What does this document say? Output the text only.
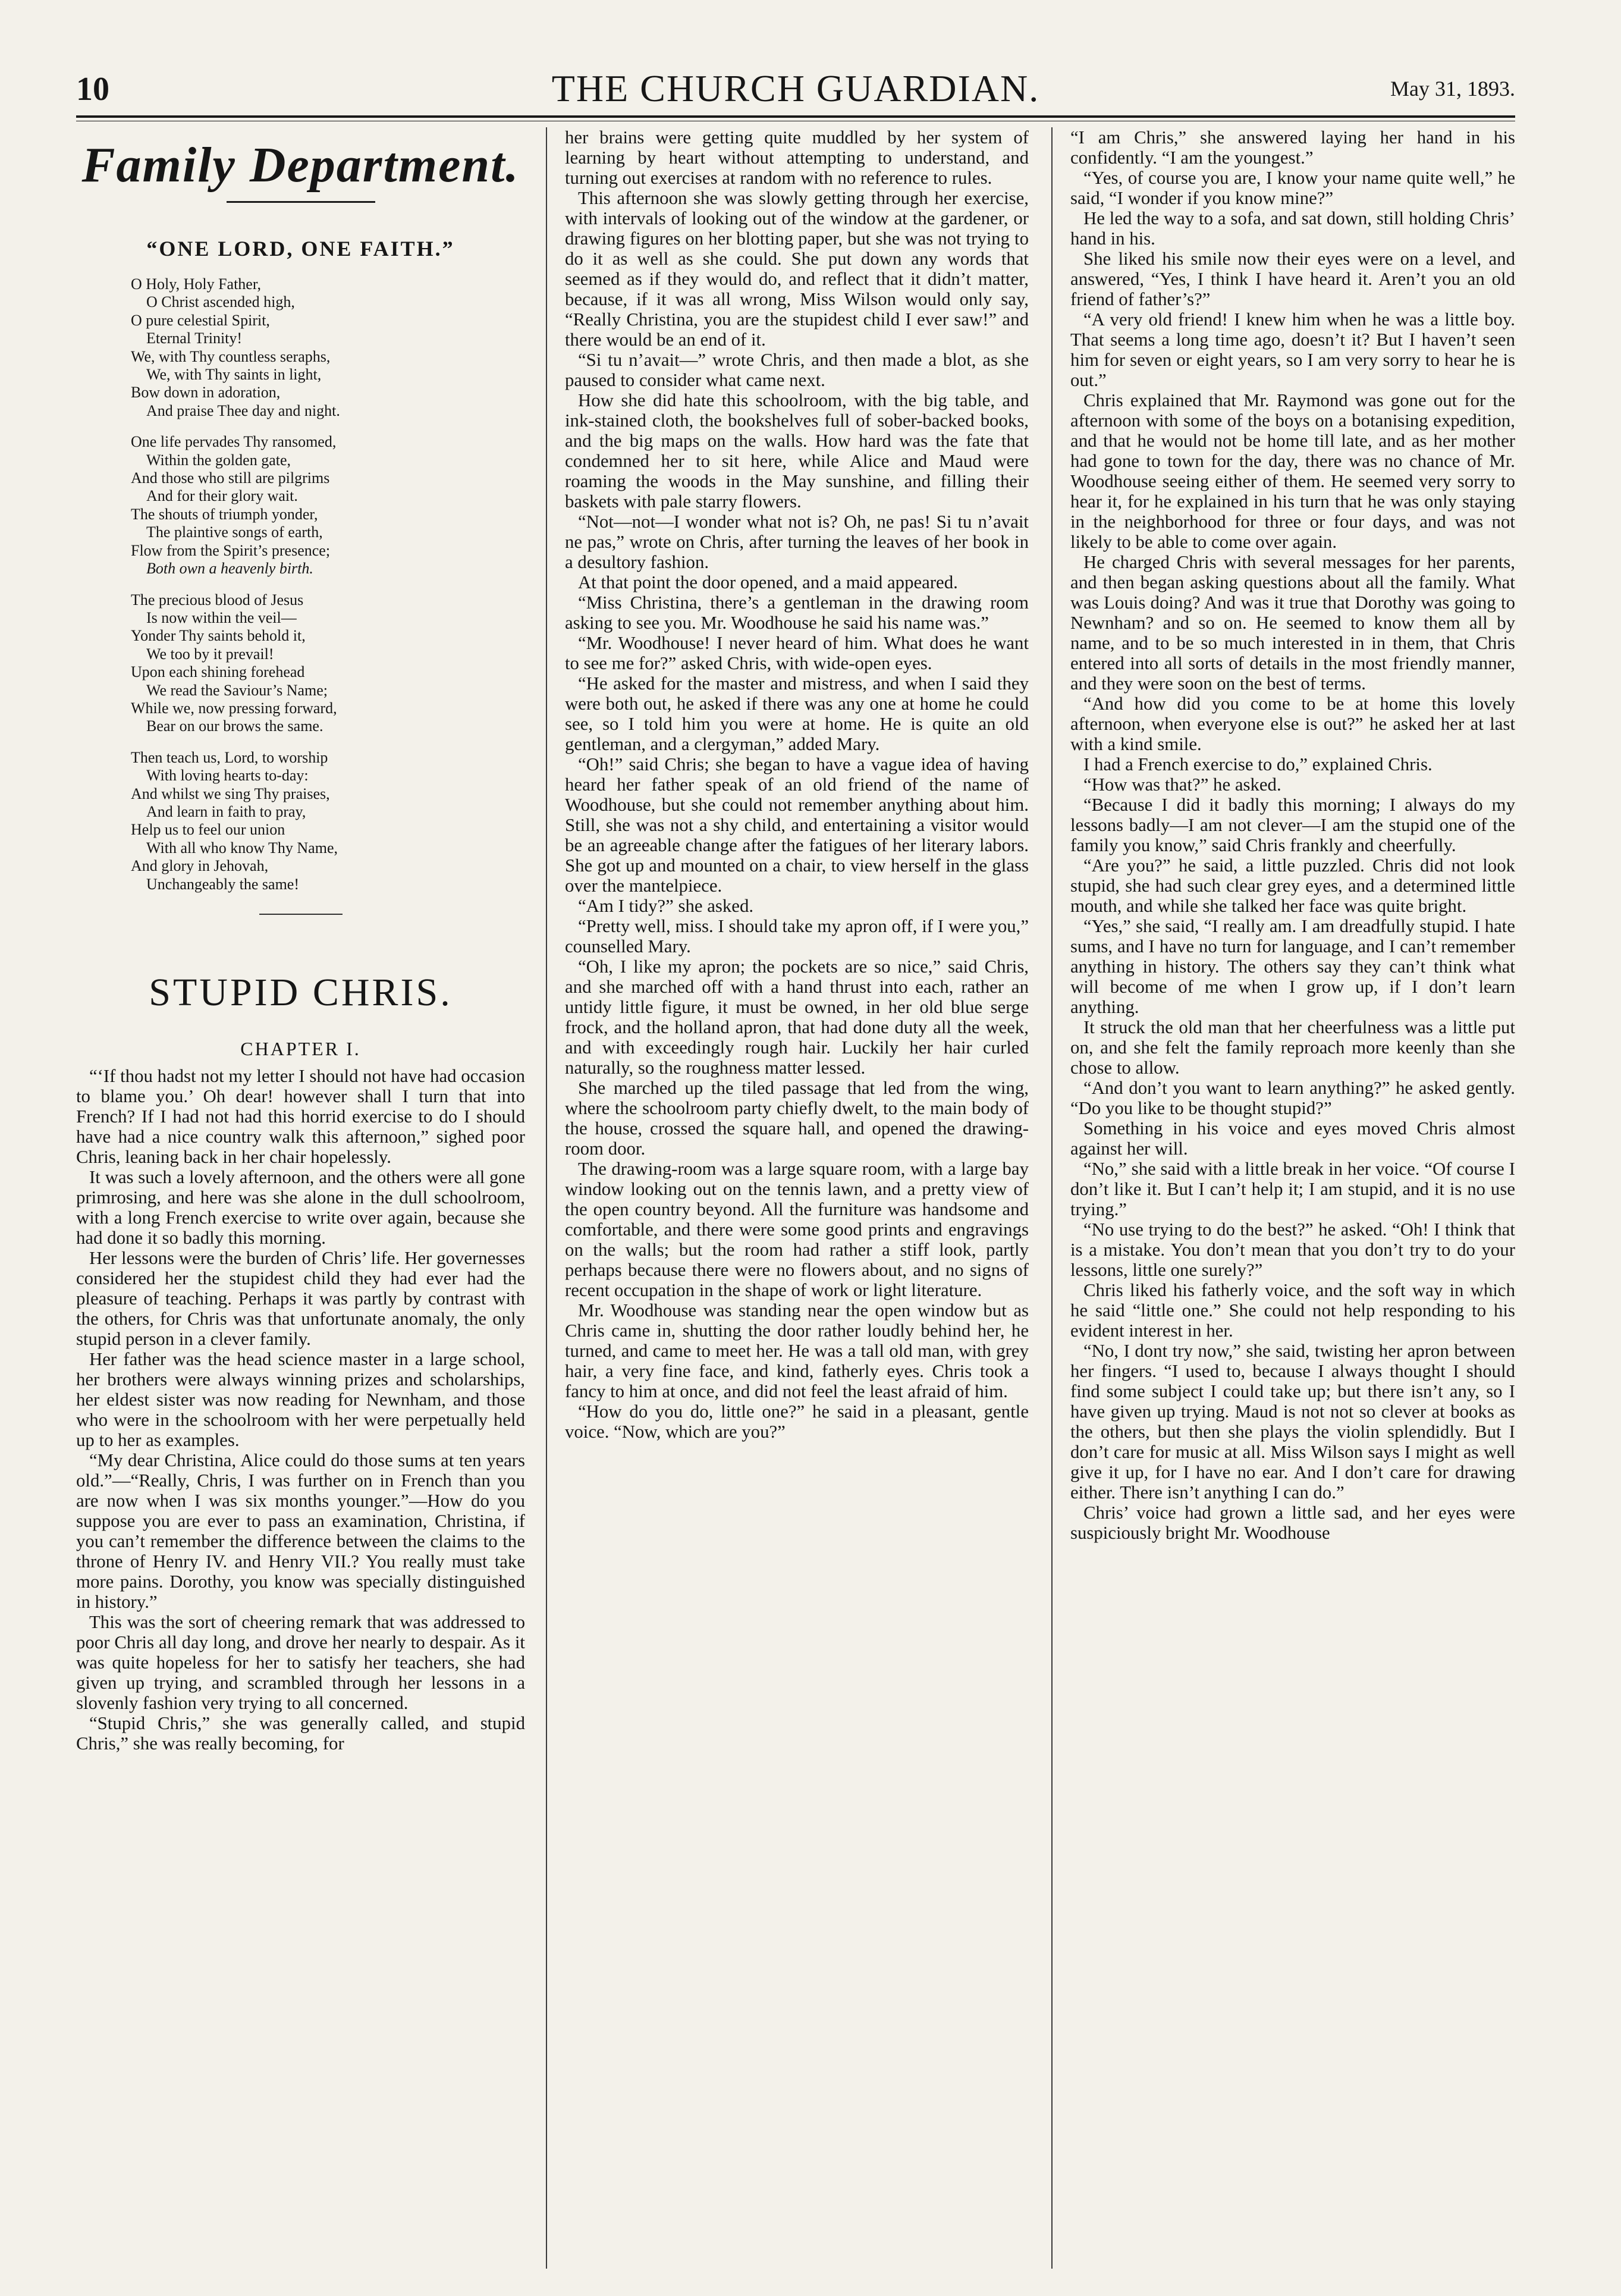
10	THE CHURCH GUARDIAN.	May 31, 1893.
Family Department.
“ONE LORD, ONE FAITH.”
O Holy, Holy Father,
O Christ ascended high,
O pure celestial Spirit,
Eternal Trinity!
We, with Thy countless seraphs,
We, with Thy saints in light,
Bow down in adoration,
And praise Thee day and night.
One life pervades Thy ransomed,
Within the golden gate,
And those who still are pilgrims
And for their glory wait.
The shouts of triumph yonder,
The plaintive songs of earth,
Flow from the Spirit’s presence;
Both own a heavenly birth.
The precious blood of Jesus
Is now within the veil—
Yonder Thy saints behold it,
We too by it prevail!
Upon each shining forehead
We read the Saviour’s Name;
While we, now pressing forward,
Bear on our brows the same.
Then teach us, Lord, to worship
With loving hearts to-day:
And whilst we sing Thy praises,
And learn in faith to pray,
Help us to feel our union
With all who know Thy Name,
And glory in Jehovah,
Unchangeably the same!
STUPID CHRIS.
CHAPTER I.

“‘If thou hadst not my letter I should not have had occasion to blame you.’ Oh dear! however shall I turn that into French? If I had not had this horrid exercise to do I should have had a nice country walk this afternoon,” sighed poor Chris, leaning back in her chair hopelessly.

It was such a lovely afternoon, and the others were all gone primrosing, and here was she alone in the dull schoolroom, with a long French exercise to write over again, because she had done it so badly this morning.

Her lessons were the burden of Chris’ life. Her governesses considered her the stupidest child they had ever had the pleasure of teaching. Perhaps it was partly by contrast with the others, for Chris was that unfortunate anomaly, the only stupid person in a clever family.

Her father was the head science master in a large school, her brothers were always winning prizes and scholarships, her eldest sister was now reading for Newnham, and those who were in the schoolroom with her were perpetually held up to her as examples.

“My dear Christina, Alice could do those sums at ten years old.”—“Really, Chris, I was further on in French than you are now when I was six months younger.”—How do you suppose you are ever to pass an examination, Christina, if you can’t remember the difference between the claims to the throne of Henry IV. and Henry VII.? You really must take more pains. Dorothy, you know was specially distinguished in history.”

This was the sort of cheering remark that was addressed to poor Chris all day long, and drove her nearly to despair. As it was quite hopeless for her to satisfy her teachers, she had given up trying, and scrambled through her lessons in a slovenly fashion very trying to all concerned.

“Stupid Chris,” she was generally called, and stupid Chris,” she was really becoming, for

her brains were getting quite muddled by her system of learning by heart without attempting to understand, and turning out exercises at random with no reference to rules.

This afternoon she was slowly getting through her exercise, with intervals of looking out of the window at the gardener, or drawing figures on her blotting paper, but she was not trying to do it as well as she could. She put down any words that seemed as if they would do, and reflect that it didn’t matter, because, if it was all wrong, Miss Wilson would only say, “Really Christina, you are the stupidest child I ever saw!” and there would be an end of it.

“Si tu n’avait—” wrote Chris, and then made a blot, as she paused to consider what came next.

How she did hate this schoolroom, with the big table, and ink-stained cloth, the bookshelves full of sober-backed books, and the big maps on the walls. How hard was the fate that condemned her to sit here, while Alice and Maud were roaming the woods in the May sunshine, and filling their baskets with pale starry flowers.

“Not—not—I wonder what not is? Oh, ne pas! Si tu n’avait ne pas,” wrote on Chris, after turning the leaves of her book in a desultory fashion.

At that point the door opened, and a maid appeared.

“Miss Christina, there’s a gentleman in the drawing room asking to see you. Mr. Woodhouse he said his name was.”

“Mr. Woodhouse! I never heard of him. What does he want to see me for?” asked Chris, with wide-open eyes.

“He asked for the master and mistress, and when I said they were both out, he asked if there was any one at home he could see, so I told him you were at home. He is quite an old gentleman, and a clergyman,” added Mary.

“Oh!” said Chris; she began to have a vague idea of having heard her father speak of an old friend of the name of Woodhouse, but she could not remember anything about him. Still, she was not a shy child, and entertaining a visitor would be an agreeable change after the fatigues of her literary labors. She got up and mounted on a chair, to view herself in the glass over the mantelpiece.

“Am I tidy?” she asked.

“Pretty well, miss. I should take my apron off, if I were you,” counselled Mary.

“Oh, I like my apron; the pockets are so nice,” said Chris, and she marched off with a hand thrust into each, rather an untidy little figure, it must be owned, in her old blue serge frock, and the holland apron, that had done duty all the week, and with exceedingly rough hair. Luckily her hair curled naturally, so the roughness matter lessed.

She marched up the tiled passage that led from the wing, where the schoolroom party chiefly dwelt, to the main body of the house, crossed the square hall, and opened the drawing-room door.

The drawing-room was a large square room, with a large bay window looking out on the tennis lawn, and a pretty view of the open country beyond. All the furniture was handsome and comfortable, and there were some good prints and engravings on the walls; but the room had rather a stiff look, partly perhaps because there were no flowers about, and no signs of recent occupation in the shape of work or light literature.

Mr. Woodhouse was standing near the open window but as Chris came in, shutting the door rather loudly behind her, he turned, and came to meet her. He was a tall old man, with grey hair, a very fine face, and kind, fatherly eyes. Chris took a fancy to him at once, and did not feel the least afraid of him.

“How do you do, little one?” he said in a pleasant, gentle voice. “Now, which are you?”

“I am Chris,” she answered laying her hand in his confidently. “I am the youngest.”

“Yes, of course you are, I know your name quite well,” he said, “I wonder if you know mine?”

He led the way to a sofa, and sat down, still holding Chris’ hand in his.

She liked his smile now their eyes were on a level, and answered, “Yes, I think I have heard it. Aren’t you an old friend of father’s?”

“A very old friend! I knew him when he was a little boy. That seems a long time ago, doesn’t it? But I haven’t seen him for seven or eight years, so I am very sorry to hear he is out.”

Chris explained that Mr. Raymond was gone out for the afternoon with some of the boys on a botanising expedition, and that he would not be home till late, and as her mother had gone to town for the day, there was no chance of Mr. Woodhouse seeing either of them. He seemed very sorry to hear it, for he explained in his turn that he was only staying in the neighborhood for three or four days, and was not likely to be able to come over again.

He charged Chris with several messages for her parents, and then began asking questions about all the family. What was Louis doing? And was it true that Dorothy was going to Newnham? and so on. He seemed to know them all by name, and to be so much interested in in them, that Chris entered into all sorts of details in the most friendly manner, and they were soon on the best of terms.

“And how did you come to be at home this lovely afternoon, when everyone else is out?” he asked her at last with a kind smile.

I had a French exercise to do,” explained Chris.

“How was that?” he asked.

“Because I did it badly this morning; I always do my lessons badly—I am not clever—I am the stupid one of the family you know,” said Chris frankly and cheerfully.

“Are you?” he said, a little puzzled. Chris did not look stupid, she had such clear grey eyes, and a determined little mouth, and while she talked her face was quite bright.

“Yes,” she said, “I really am. I am dreadfully stupid. I hate sums, and I have no turn for language, and I can’t remember anything in history. The others say they can’t think what will become of me when I grow up, if I don’t learn anything.

It struck the old man that her cheerfulness was a little put on, and she felt the family reproach more keenly than she chose to allow.

“And don’t you want to learn anything?” he asked gently. “Do you like to be thought stupid?”

Something in his voice and eyes moved Chris almost against her will.

“No,” she said with a little break in her voice. “Of course I don’t like it. But I can’t help it; I am stupid, and it is no use trying.”

“No use trying to do the best?” he asked. “Oh! I think that is a mistake. You don’t mean that you don’t try to do your lessons, little one surely?”

Chris liked his fatherly voice, and the soft way in which he said “little one.” She could not help responding to his evident interest in her.

“No, I dont try now,” she said, twisting her apron between her fingers. “I used to, because I always thought I should find some subject I could take up; but there isn’t any, so I have given up trying. Maud is not not so clever at books as the others, but then she plays the violin splendidly. But I don’t care for music at all. Miss Wilson says I might as well give it up, for I have no ear. And I don’t care for drawing either. There isn’t anything I can do.”

Chris’ voice had grown a little sad, and her eyes were suspiciously bright Mr. Woodhouse
